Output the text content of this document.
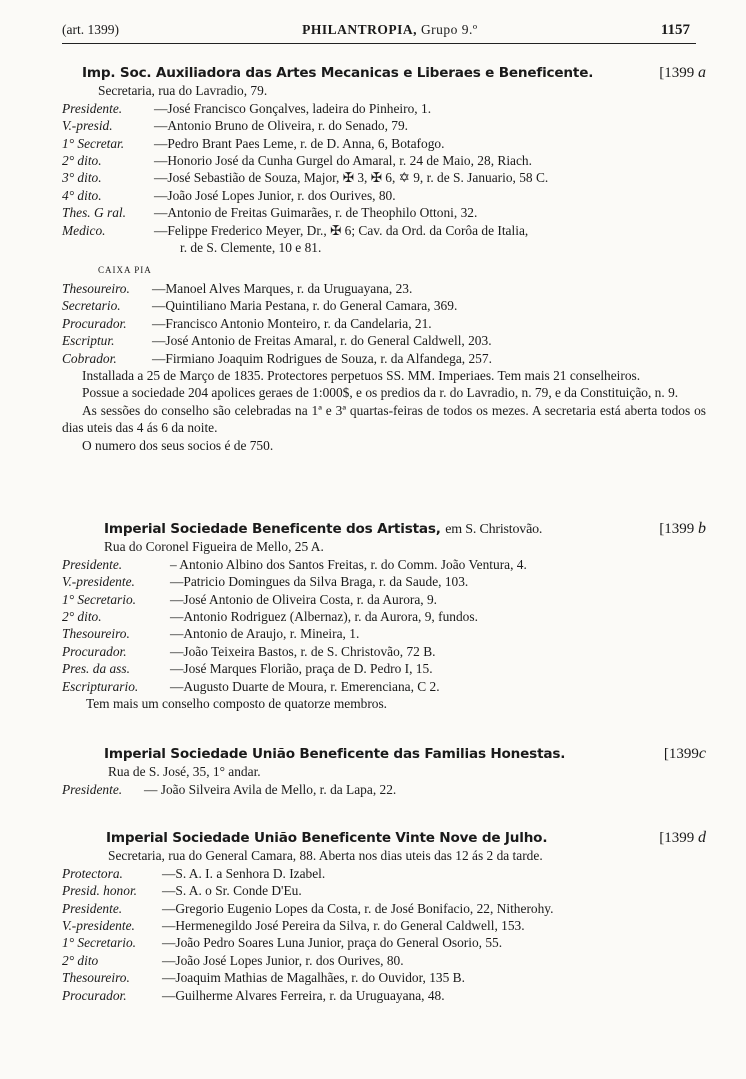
(art. 1399)	PHILANTROPIA, Grupo 9.º	1157
Imp. Soc. Auxiliadora das Artes Mecanicas e Liberaes e Beneficente.	[1399 a
Secretaria, rua do Lavradio, 79.
Presidente.	—José Francisco Gonçalves, ladeira do Pinheiro, 1.
V.-presid.	—Antonio Bruno de Oliveira, r. do Senado, 79.
1° Secretar.	—Pedro Brant Paes Leme, r. de D. Anna, 6, Botafogo.
2° dito.	—Honorio José da Cunha Gurgel do Amaral, r. 24 de Maio, 28, Riach.
3° dito.	—José Sebastião de Souza, Major, ✠ 3, ✠ 6, ✡ 9, r. de S. Januario, 58 C.
4° dito.	—João José Lopes Junior, r. dos Ourives, 80.
Thes. G ral.	—Antonio de Freitas Guimarães, r. de Theophilo Ottoni, 32.
Medico.	—Felippe Frederico Meyer, Dr., ✠ 6; Cav. da Ord. da Corôa de Italia,
r. de S. Clemente, 10 e 81.
CAIXA PIA
Thesoureiro.	—Manoel Alves Marques, r. da Uruguayana, 23.
Secretario.	—Quintiliano Maria Pestana, r. do General Camara, 369.
Procurador.	—Francisco Antonio Monteiro, r. da Candelaria, 21.
Escriptur.	—José Antonio de Freitas Amaral, r. do General Caldwell, 203.
Cobrador.	—Firmiano Joaquim Rodrigues de Souza, r. da Alfandega, 257.
Installada a 25 de Março de 1835. Protectores perpetuos SS. MM. Imperiaes. Tem mais 21 conselheiros.
Possue a sociedade 204 apolices geraes de 1:000$, e os predios da r. do Lavradio, n. 79, e da Constituição, n. 9.
As sessões do conselho são celebradas na 1ª e 3ª quartas-feiras de todos os mezes. A secretaria está aberta todos os dias uteis das 4 ás 6 da noite.
O numero dos seus socios é de 750.
Imperial Sociedade Beneficente dos Artistas, em S. Christovão.	[1399 b
Rua do Coronel Figueira de Mello, 25 A.
Presidente.	– Antonio Albino dos Santos Freitas, r. do Comm. João Ventura, 4.
V.-presidente.	—Patricio Domingues da Silva Braga, r. da Saude, 103.
1° Secretario.	—José Antonio de Oliveira Costa, r. da Aurora, 9.
2° dito.	—Antonio Rodriguez (Albernaz), r. da Aurora, 9, fundos.
Thesoureiro.	—Antonio de Araujo, r. Mineira, 1.
Procurador.	—João Teixeira Bastos, r. de S. Christovão, 72 B.
Pres. da ass.	—José Marques Florião, praça de D. Pedro I, 15.
Escripturario.	—Augusto Duarte de Moura, r. Emerenciana, C 2.
Tem mais um conselho composto de quatorze membros.
Imperial Sociedade União Beneficente das Familias Honestas.	[1399c
Rua de S. José, 35, 1° andar.
Presidente.	— João Silveira Avila de Mello, r. da Lapa, 22.
Imperial Sociedade União Beneficente Vinte Nove de Julho.	[1399 d
Secretaria, rua do General Camara, 88. Aberta nos dias uteis das 12 ás 2 da tarde.
Protectora.	—S. A. I. a Senhora D. Izabel.
Presid. honor.	—S. A. o Sr. Conde D'Eu.
Presidente.	—Gregorio Eugenio Lopes da Costa, r. de José Bonifacio, 22, Nitherohy.
V.-presidente.	—Hermenegildo José Pereira da Silva, r. do General Caldwell, 153.
1° Secretario.	—João Pedro Soares Luna Junior, praça do General Osorio, 55.
2° dito	—João José Lopes Junior, r. dos Ourives, 80.
Thesoureiro.	—Joaquim Mathias de Magalhães, r. do Ouvidor, 135 B.
Procurador.	—Guilherme Alvares Ferreira, r. da Uruguayana, 48.
